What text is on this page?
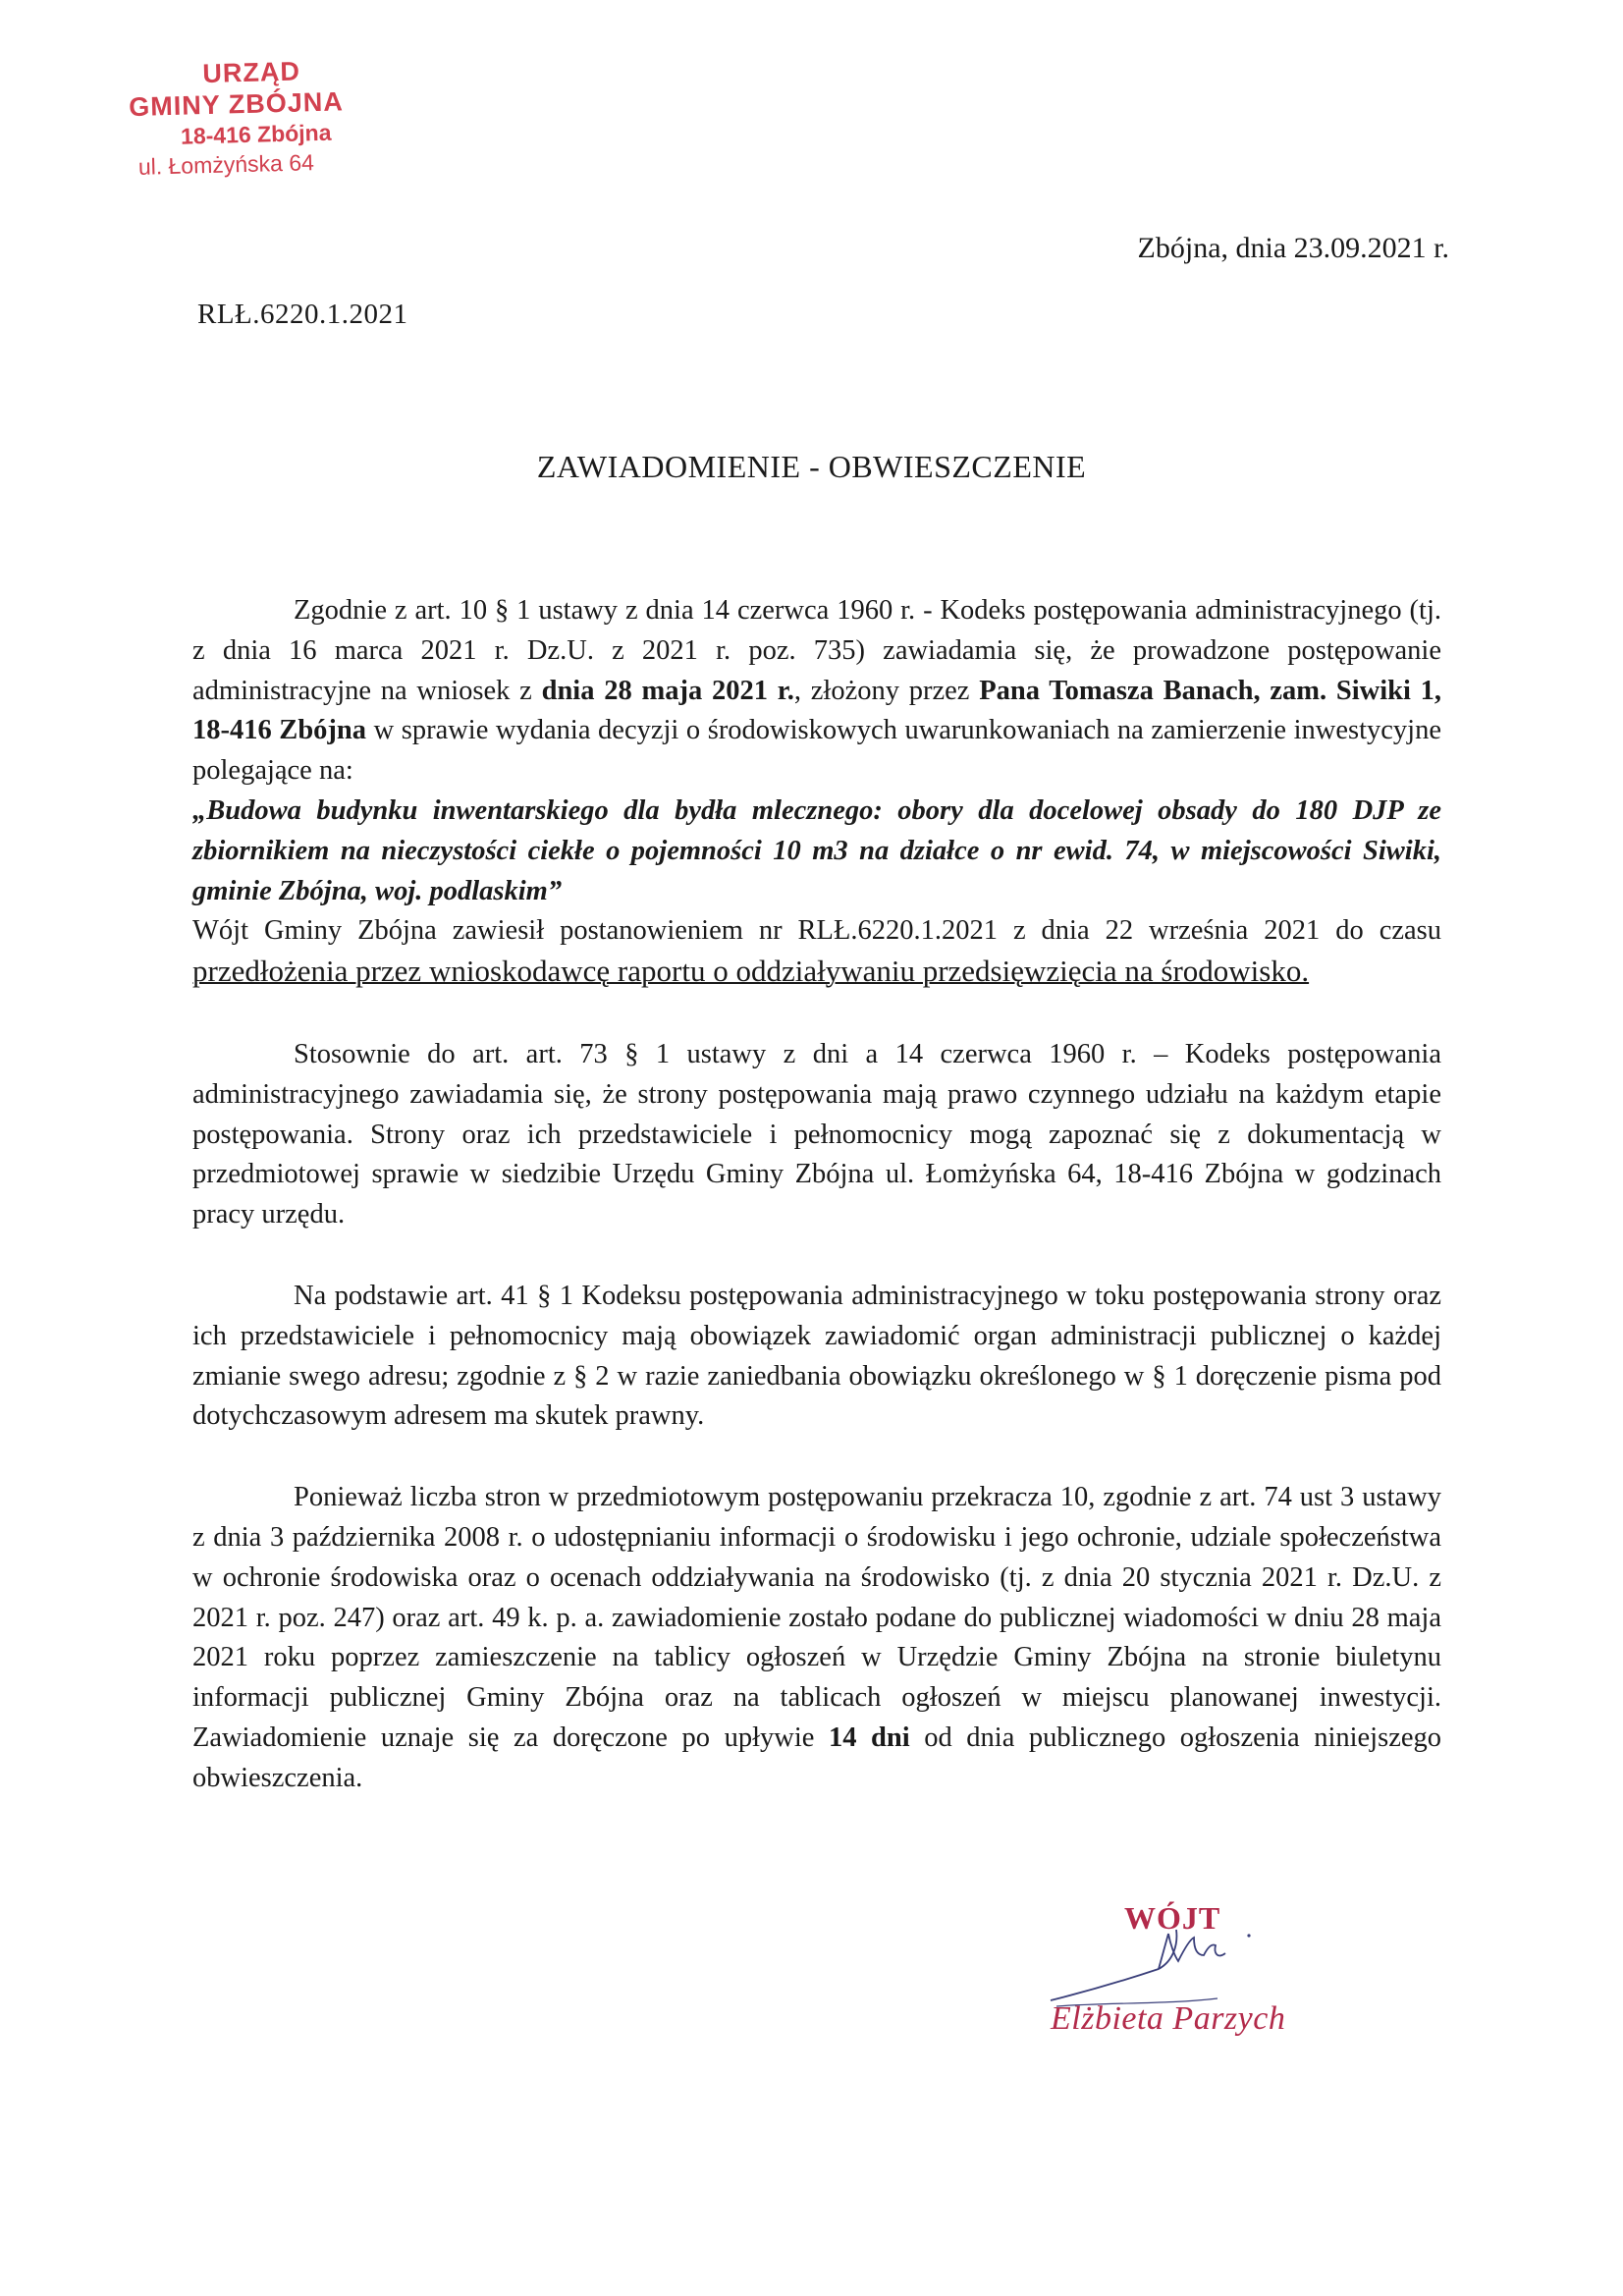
URZĄD
GMINY ZBÓJNA
18-416 Zbójna
ul. Łomżyńska 64
Zbójna, dnia 23.09.2021 r.
RLŁ.6220.1.2021
ZAWIADOMIENIE - OBWIESZCZENIE

Zgodnie z art. 10 § 1 ustawy z dnia 14 czerwca 1960 r. - Kodeks postępowania administracyjnego (tj. z dnia 16 marca 2021 r. Dz.U. z 2021 r. poz. 735) zawiadamia się, że prowadzone postępowanie administracyjne na wniosek z dnia 28 maja 2021 r., złożony przez Pana Tomasza Banach, zam. Siwiki 1, 18-416 Zbójna w sprawie wydania decyzji o środowiskowych uwarunkowaniach na zamierzenie inwestycyjne polegające na:

„Budowa budynku inwentarskiego dla bydła mlecznego: obory dla docelowej obsady do 180 DJP ze zbiornikiem na nieczystości ciekłe o pojemności 10 m3 na działce o nr ewid. 74, w miejscowości Siwiki, gminie Zbójna, woj. podlaskim”
Wójt Gminy Zbójna zawiesił postanowieniem nr RLŁ.6220.1.2021 z dnia 22 września 2021 do czasu przedłożenia przez wnioskodawcę raportu o oddziaływaniu przedsięwzięcia na środowisko.

Stosownie do art. art. 73 § 1 ustawy z dni a 14 czerwca 1960 r. – Kodeks postępowania administracyjnego zawiadamia się, że strony postępowania mają prawo czynnego udziału na każdym etapie postępowania. Strony oraz ich przedstawiciele i pełnomocnicy mogą zapoznać się z dokumentacją w przedmiotowej sprawie w siedzibie Urzędu Gminy Zbójna ul. Łomżyńska 64, 18-416 Zbójna w godzinach pracy urzędu.

Na podstawie art. 41 § 1 Kodeksu postępowania administracyjnego w toku postępowania strony oraz ich przedstawiciele i pełnomocnicy mają obowiązek zawiadomić organ administracji publicznej o każdej zmianie swego adresu; zgodnie z § 2 w razie zaniedbania obowiązku określonego w § 1 doręczenie pisma pod dotychczasowym adresem ma skutek prawny.

Ponieważ liczba stron w przedmiotowym postępowaniu przekracza 10, zgodnie z art. 74 ust 3 ustawy z dnia 3 października 2008 r. o udostępnianiu informacji o środowisku i jego ochronie, udziale społeczeństwa w ochronie środowiska oraz o ocenach oddziaływania na środowisko (tj. z dnia 20 stycznia 2021 r. Dz.U. z 2021 r. poz. 247) oraz art. 49 k. p. a. zawiadomienie zostało podane do publicznej wiadomości w dniu 28 maja 2021 roku poprzez zamieszczenie na tablicy ogłoszeń w Urzędzie Gminy Zbójna na stronie biuletynu informacji publicznej Gminy Zbójna oraz na tablicach ogłoszeń w miejscu planowanej inwestycji. Zawiadomienie uznaje się za doręczone po upływie 14 dni od dnia publicznego ogłoszenia niniejszego obwieszczenia.

WÓJT
Elżbieta Parzych
